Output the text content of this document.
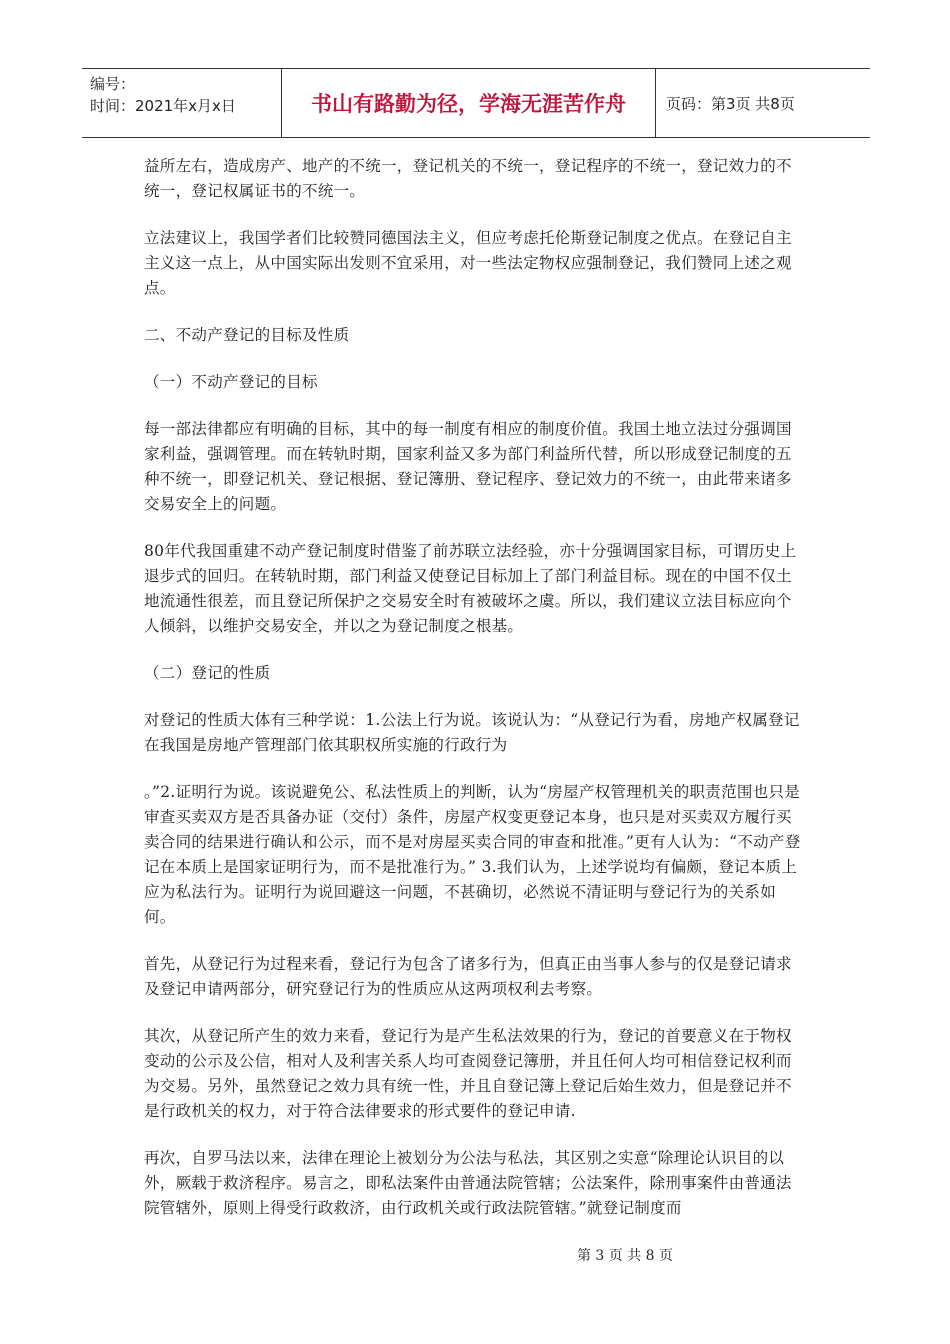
编号：
时间：2021年x月x日	书山有路勤为径，学海无涯苦作舟	页码：第3页 共8页

益所左右，造成房产、地产的不统一，登记机关的不统一，登记程序的不统一，登记效力的不统一，登记权属证书的不统一。

立法建议上，我国学者们比较赞同德国法主义，但应考虑托伦斯登记制度之优点。在登记自主主义这一点上，从中国实际出发则不宜采用，对一些法定物权应强制登记，我们赞同上述之观点。

二、不动产登记的目标及性质

（一）不动产登记的目标

每一部法律都应有明确的目标，其中的每一制度有相应的制度价值。我国土地立法过分强调国家利益，强调管理。而在转轨时期，国家利益又多为部门利益所代替，所以形成登记制度的五种不统一，即登记机关、登记根据、登记簿册、登记程序、登记效力的不统一，由此带来诸多交易安全上的问题。

80年代我国重建不动产登记制度时借鉴了前苏联立法经验，亦十分强调国家目标，可谓历史上退步式的回归。在转轨时期，部门利益又使登记目标加上了部门利益目标。现在的中国不仅土地流通性很差，而且登记所保护之交易安全时有被破坏之虞。所以，我们建议立法目标应向个人倾斜，以维护交易安全，并以之为登记制度之根基。

（二）登记的性质

对登记的性质大体有三种学说：1.公法上行为说。该说认为：“从登记行为看，房地产权属登记在我国是房地产管理部门依其职权所实施的行政行为

。”2.证明行为说。该说避免公、私法性质上的判断，认为“房屋产权管理机关的职责范围也只是审查买卖双方是否具备办证（交付）条件，房屋产权变更登记本身，也只是对买卖双方履行买卖合同的结果进行确认和公示，而不是对房屋买卖合同的审查和批准。”更有人认为：“不动产登记在本质上是国家证明行为，而不是批准行为。” 3.我们认为，上述学说均有偏颇，登记本质上应为私法行为。证明行为说回避这一问题，不甚确切，必然说不清证明与登记行为的关系如何。

首先，从登记行为过程来看，登记行为包含了诸多行为，但真正由当事人参与的仅是登记请求及登记申请两部分，研究登记行为的性质应从这两项权利去考察。

其次，从登记所产生的效力来看，登记行为是产生私法效果的行为，登记的首要意义在于物权变动的公示及公信，相对人及利害关系人均可查阅登记簿册，并且任何人均可相信登记权利而为交易。另外，虽然登记之效力具有统一性，并且自登记簿上登记后始生效力，但是登记并不是行政机关的权力，对于符合法律要求的形式要件的登记申请.

再次，自罗马法以来，法律在理论上被划分为公法与私法，其区别之实意“除理论认识目的以外，厥载于救济程序。易言之，即私法案件由普通法院管辖；公法案件，除刑事案件由普通法院管辖外，原则上得受行政救济，由行政机关或行政法院管辖。”就登记制度而

第 3 页 共 8 页
